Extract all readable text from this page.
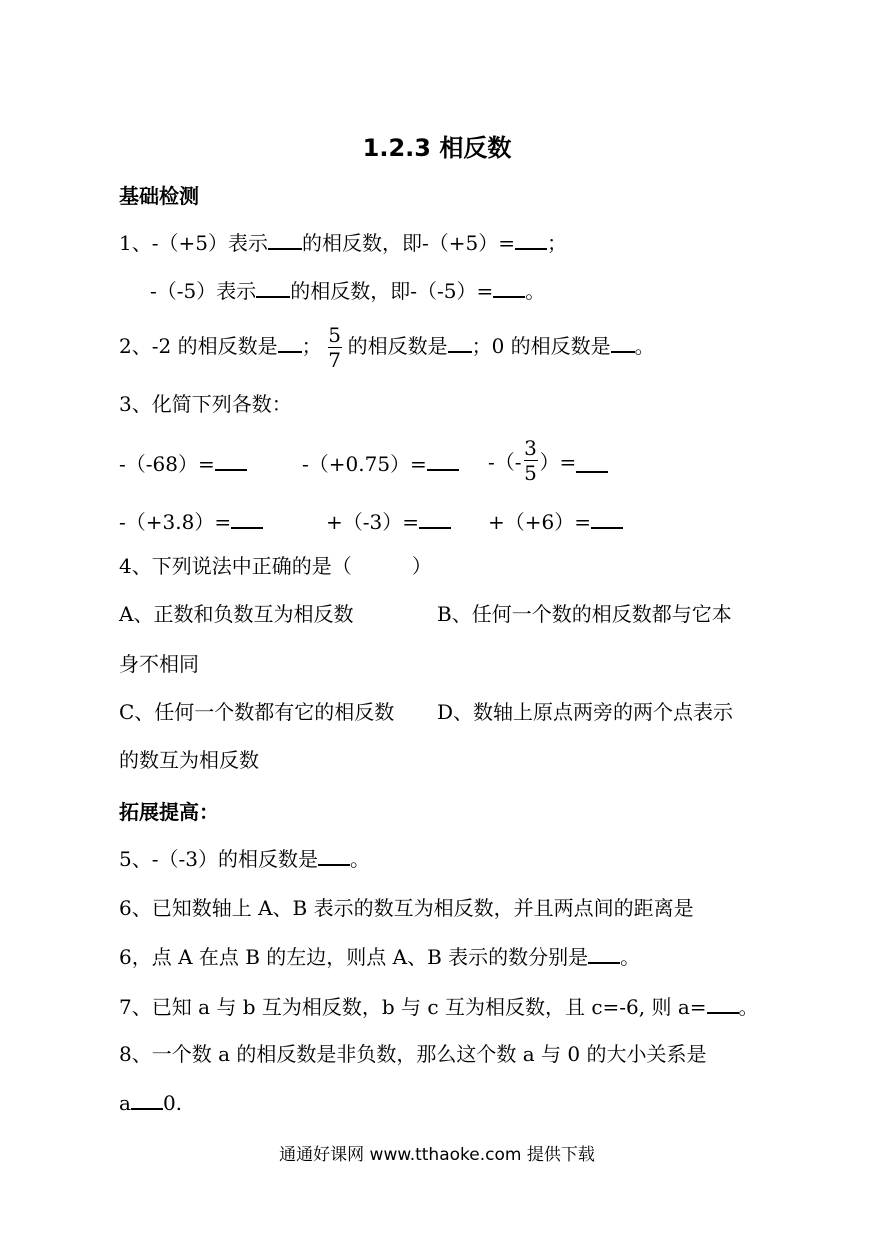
1.2.3 相反数
基础检测
1、-（+5）表示 的相反数，即-（+5）= ；
-（-5）表示 的相反数，即-（-5）= 。
2、-2 的相反数是 ； $\frac{5}{7}$ 的相反数是 ；0 的相反数是 。
3、化简下列各数：
-（-68）=	-（+0.75）=	-（- $\frac{3}{5}$ ）=
-（+3.8）=	+（-3）=	+（+6）=
4、下列说法中正确的是（　　　）
A、正数和负数互为相反数	B、任何一个数的相反数都与它本
身不相同
C、任何一个数都有它的相反数 D、数轴上原点两旁的两个点表示
的数互为相反数
拓展提高：
5、-（-3）的相反数是 。
6、已知数轴上 A、B 表示的数互为相反数，并且两点间的距离是
6，点 A 在点 B 的左边，则点 A、B 表示的数分别是 。
7、已知 a 与 b 互为相反数，b 与 c 互为相反数，且 c=-6, 则 a= 。
8、一个数 a 的相反数是非负数，那么这个数 a 与 0 的大小关系是
a 0.
通通好课网 www.tthaoke.com 提供下载
